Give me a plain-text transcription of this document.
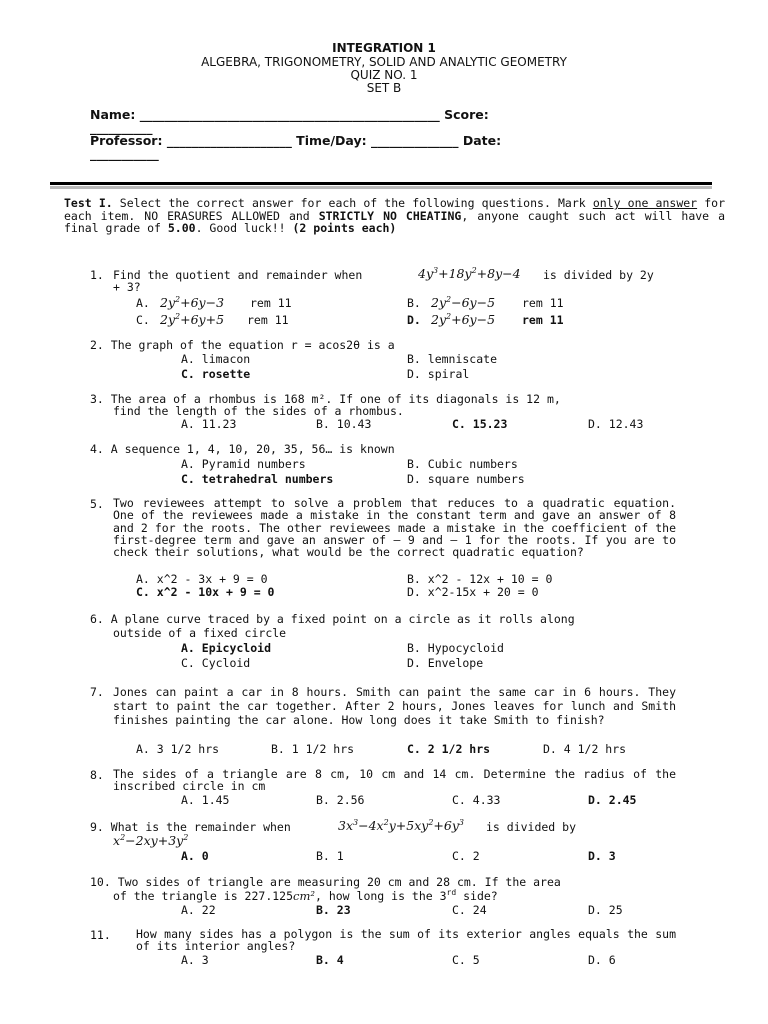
INTEGRATION 1
ALGEBRA, TRIGONOMETRY, SOLID AND ANALYTIC GEOMETRY
QUIZ NO. 1
SET B
Name: ________________________________________________ Score:
__________
Professor: ____________________ Time/Day: ______________ Date:
___________
Test I. Select the correct answer for each of the following questions. Mark only one answer for each item. NO ERASURES ALLOWED and STRICTLY NO CHEATING, anyone caught such act will have a final grade of 5.00. Good luck!! (2 points each)
1. Find the quotient and remainder when	$4y^3+18y^2+8y-4$ is divided by 2y
+ 3?
A. $2y^2+6y-3$ rem 11	B. $2y^2-6y-5$ rem 11
C. $2y^2+6y+5$ rem 11	D. $2y^2+6y-5$ rem 11
2. The graph of the equation r = acos2θ is a
A. limacon	B. lemniscate
C. rosette	D. spiral
3. The area of a rhombus is 168 m². If one of its diagonals is 12 m,
find the length of the sides of a rhombus.
A. 11.23	B. 10.43	C. 15.23	D. 12.43
4. A sequence 1, 4, 10, 20, 35, 56… is known
A. Pyramid numbers	B. Cubic numbers
C. tetrahedral numbers	D. square numbers
5. Two reviewees attempt to solve a problem that reduces to a quadratic equation. One of the reviewees made a mistake in the constant term and gave an answer of 8 and 2 for the roots. The other reviewees made a mistake in the coefficient of the first-degree term and gave an answer of – 9 and – 1 for the roots. If you are to check their solutions, what would be the correct quadratic equation?
A. x^2 - 3x + 9 = 0	B. x^2 - 12x + 10 = 0
C. x^2 - 10x + 9 = 0	D. x^2-15x + 20 = 0
6. A plane curve traced by a fixed point on a circle as it rolls along
outside of a fixed circle
A. Epicycloid	B. Hypocycloid
C. Cycloid	D. Envelope
7. Jones can paint a car in 8 hours. Smith can paint the same car in 6 hours. They start to paint the car together. After 2 hours, Jones leaves for lunch and Smith finishes painting the car alone. How long does it take Smith to finish?
A. 3 1/2 hrs	B. 1 1/2 hrs	C. 2 1/2 hrs	D. 4 1/2 hrs
8. The sides of a triangle are 8 cm, 10 cm and 14 cm. Determine the radius of the inscribed circle in cm
A. 1.45	B. 2.56	C. 4.33	D. 2.45
9. What is the remainder when	$3x^3-4x^2y+5xy^2+6y^3$ is divided by
$x^2-2xy+3y^2$
A. 0	B. 1	C. 2	D. 3
10. Two sides of triangle are measuring 20 cm and 28 cm. If the area
of the triangle is 227.125cm², how long is the 3rd side?
A. 22	B. 23	C. 24	D. 25
11. How many sides has a polygon is the sum of its exterior angles equals the sum of its interior angles?
A. 3	B. 4	C. 5	D. 6
